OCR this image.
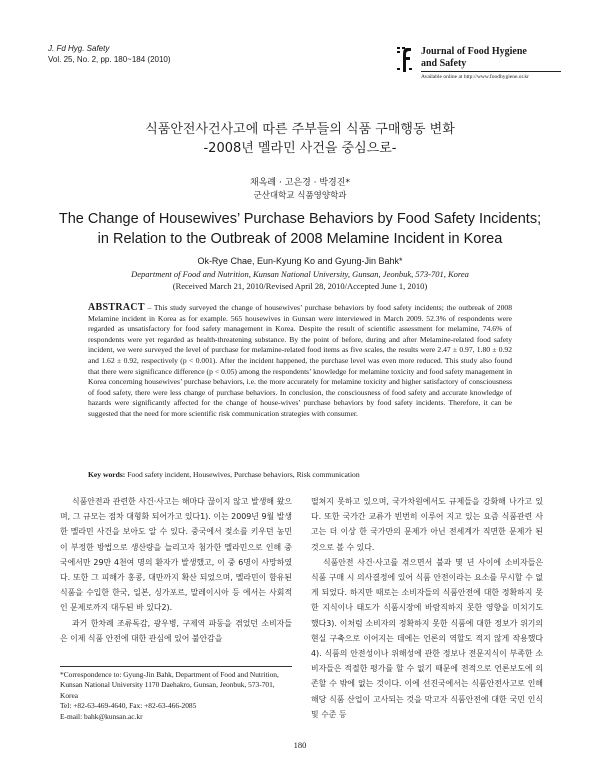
J. Fd Hyg. Safety
Vol. 25, No. 2, pp. 180~184 (2010)
Journal of Food Hygiene
and Safety
Available online at http://www.foodhygiene.or.kr
식품안전사건사고에 따른 주부들의 식품 구매행동 변화
-2008년 멜라민 사건을 중심으로-
채옥례 · 고은경 · 박경진*
군산대학교 식품영양학과
The Change of Housewives’ Purchase Behaviors by Food Safety Incidents;
in Relation to the Outbreak of 2008 Melamine Incident in Korea
Ok-Rye Chae, Eun-Kyung Ko and Gyung-Jin Bahk*
Department of Food and Nutrition, Kunsan National University, Gunsan, Jeonbuk, 573-701, Korea
(Received March 21, 2010/Revised April 28, 2010/Accepted June 1, 2010)
ABSTRACT – This study surveyed the change of housewives’ purchase behaviors by food safety incidents; the outbreak of 2008 Melamine incident in Korea as for example. 565 housewives in Gunsan were interviewed in March 2009. 52.3% of respondents were regarded as unsatisfactory for food safety management in Korea. Despite the result of scientific assessment for melamine, 74.6% of respondents were yet regarded as health-threatening substance. By the point of before, during and after Melamine-related food safety incident, we were surveyed the level of purchase for melamine-related food items as five scales, the results were 2.47 ± 0.97, 1.80 ± 0.92 and 1.62 ± 0.92, respectively (p < 0.001). After the incident happened, the purchase level was even more reduced. This study also found that there were significance difference (p < 0.05) among the respondents’ knowledge for melamine toxicity and food safety management in Korea concerning housewives’ purchase behaviors, i.e. the more accurately for melamine toxicity and higher satisfactory of consciousness of food safety, there were less change of purchase behaviors. In conclusion, the consciousness of food safety and accurate knowledge of hazards were significantly affected for the change of house-wives’ purchase behaviors by food safety incidents. Therefore, it can be suggested that the need for more scientific risk communication strategies with consumer.
Key words: Food safety incident, Housewives, Purchase behaviors, Risk communication

식품안전과 관련한 사건·사고는 해마다 끊이지 않고 발생해 왔으며, 그 규모는 점차 대형화 되어가고 있다1). 이는 2009년 9월 발생한 멜라민 사건을 보아도 알 수 있다. 중국에서 젖소를 키우던 농민이 부정한 방법으로 생산량을 늘리고자 첨가한 멜라민으로 인해 중국에서만 29만 4천여 명의 환자가 발생했고, 이 중 6명이 사망하였다. 또한 그 피해가 홍콩, 대만까지 확산 되었으며, 멜라민이 함유된 식품을 수입한 한국, 일본, 싱가포르, 말레이시아 등 에서는 사회적인 문제로까지 대두된 바 있다2).

과거 한차례 조류독감, 광우병, 구제역 파동을 겪었던 소비자들은 이제 식품 안전에 대한 관심에 있어 불안감을

떨쳐지 못하고 있으며, 국가차원에서도 규제들을 강화해 나가고 있다. 또한 국가간 교류가 빈번히 이루어 지고 있는 요즘 식품관련 사고는 더 이상 한 국가만의 문제가 아닌 전세계가 직면한 문제가 된 것으로 볼 수 있다.

식품안전 사건·사고를 겪으면서 불과 몇 년 사이에 소비자들은 식품 구매 시 의사결정에 있어 식품 안전이라는 요소를 무시할 수 없게 되었다. 하지만 때로는 소비자들의 식품안전에 대한 정확하지 못한 지식이나 태도가 식품시장에 바람직하지 못한 영향을 미치기도 했다3). 이처럼 소비자의 정확하지 못한 식품에 대한 정보가 위기의 현실 구축으로 이어지는 데에는 언론의 역할도 적지 않게 작용했다4). 식품의 안전성이나 위해성에 관한 정보나 전문지식이 부족한 소비자들은 적절한 평가를 할 수 없기 때문에 전적으로 언론보도에 의존할 수 밖에 없는 것이다. 이에 선진국에서는 식품안전사고로 인해 해당 식품 산업이 고사되는 것을 막고자 식품안전에 대한 국민 인식 및 수준 등

*Correspondence to: Gyung-Jin Bahk, Department of Food and Nutrition, Kunsan National University 1170 Daehakro, Gunsan, Jeonbuk, 573-701, Korea
Tel: +82-63-469-4640, Fax: +82-63-466-2085
E-mail: bahk@kunsan.ac.kr
180
